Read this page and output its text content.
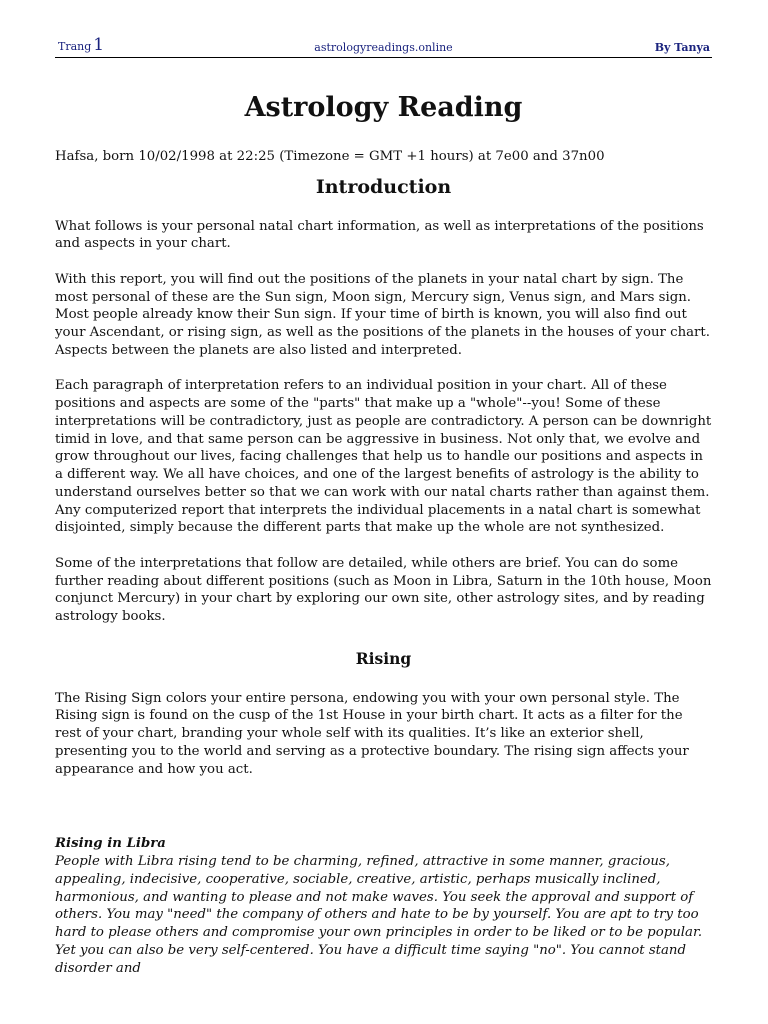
Trang 1	astrologyreadings.online	By Tanya
Astrology Reading

Hafsa, born 10/02/1998 at 22:25 (Timezone = GMT +1 hours) at 7e00 and 37n00

Introduction

What follows is your personal natal chart information, as well as interpretations of the positions and aspects in your chart.

With this report, you will find out the positions of the planets in your natal chart by sign. The most personal of these are the Sun sign, Moon sign, Mercury sign, Venus sign, and Mars sign. Most people already know their Sun sign. If your time of birth is known, you will also find out your Ascendant, or rising sign, as well as the positions of the planets in the houses of your chart. Aspects between the planets are also listed and interpreted.

Each paragraph of interpretation refers to an individual position in your chart. All of these positions and aspects are some of the "parts" that make up a "whole"--you! Some of these interpretations will be contradictory, just as people are contradictory. A person can be downright timid in love, and that same person can be aggressive in business. Not only that, we evolve and grow throughout our lives, facing challenges that help us to handle our positions and aspects in a different way. We all have choices, and one of the largest benefits of astrology is the ability to understand ourselves better so that we can work with our natal charts rather than against them. Any computerized report that interprets the individual placements in a natal chart is somewhat disjointed, simply because the different parts that make up the whole are not synthesized.

Some of the interpretations that follow are detailed, while others are brief. You can do some further reading about different positions (such as Moon in Libra, Saturn in the 10th house, Moon conjunct Mercury) in your chart by exploring our own site, other astrology sites, and by reading astrology books.

Rising

The Rising Sign colors your entire persona, endowing you with your own personal style. The Rising sign is found on the cusp of the 1st House in your birth chart. It acts as a filter for the rest of your chart, branding your whole self with its qualities. It’s like an exterior shell, presenting you to the world and serving as a protective boundary. The rising sign affects your appearance and how you act.

Rising in Libra

People with Libra rising tend to be charming, refined, attractive in some manner, gracious, appealing, indecisive, cooperative, sociable, creative, artistic, perhaps musically inclined, harmonious, and wanting to please and not make waves. You seek the approval and support of others. You may "need" the company of others and hate to be by yourself. You are apt to try too hard to please others and compromise your own principles in order to be liked or to be popular. Yet you can also be very self-centered. You have a difficult time saying "no". You cannot stand disorder and
